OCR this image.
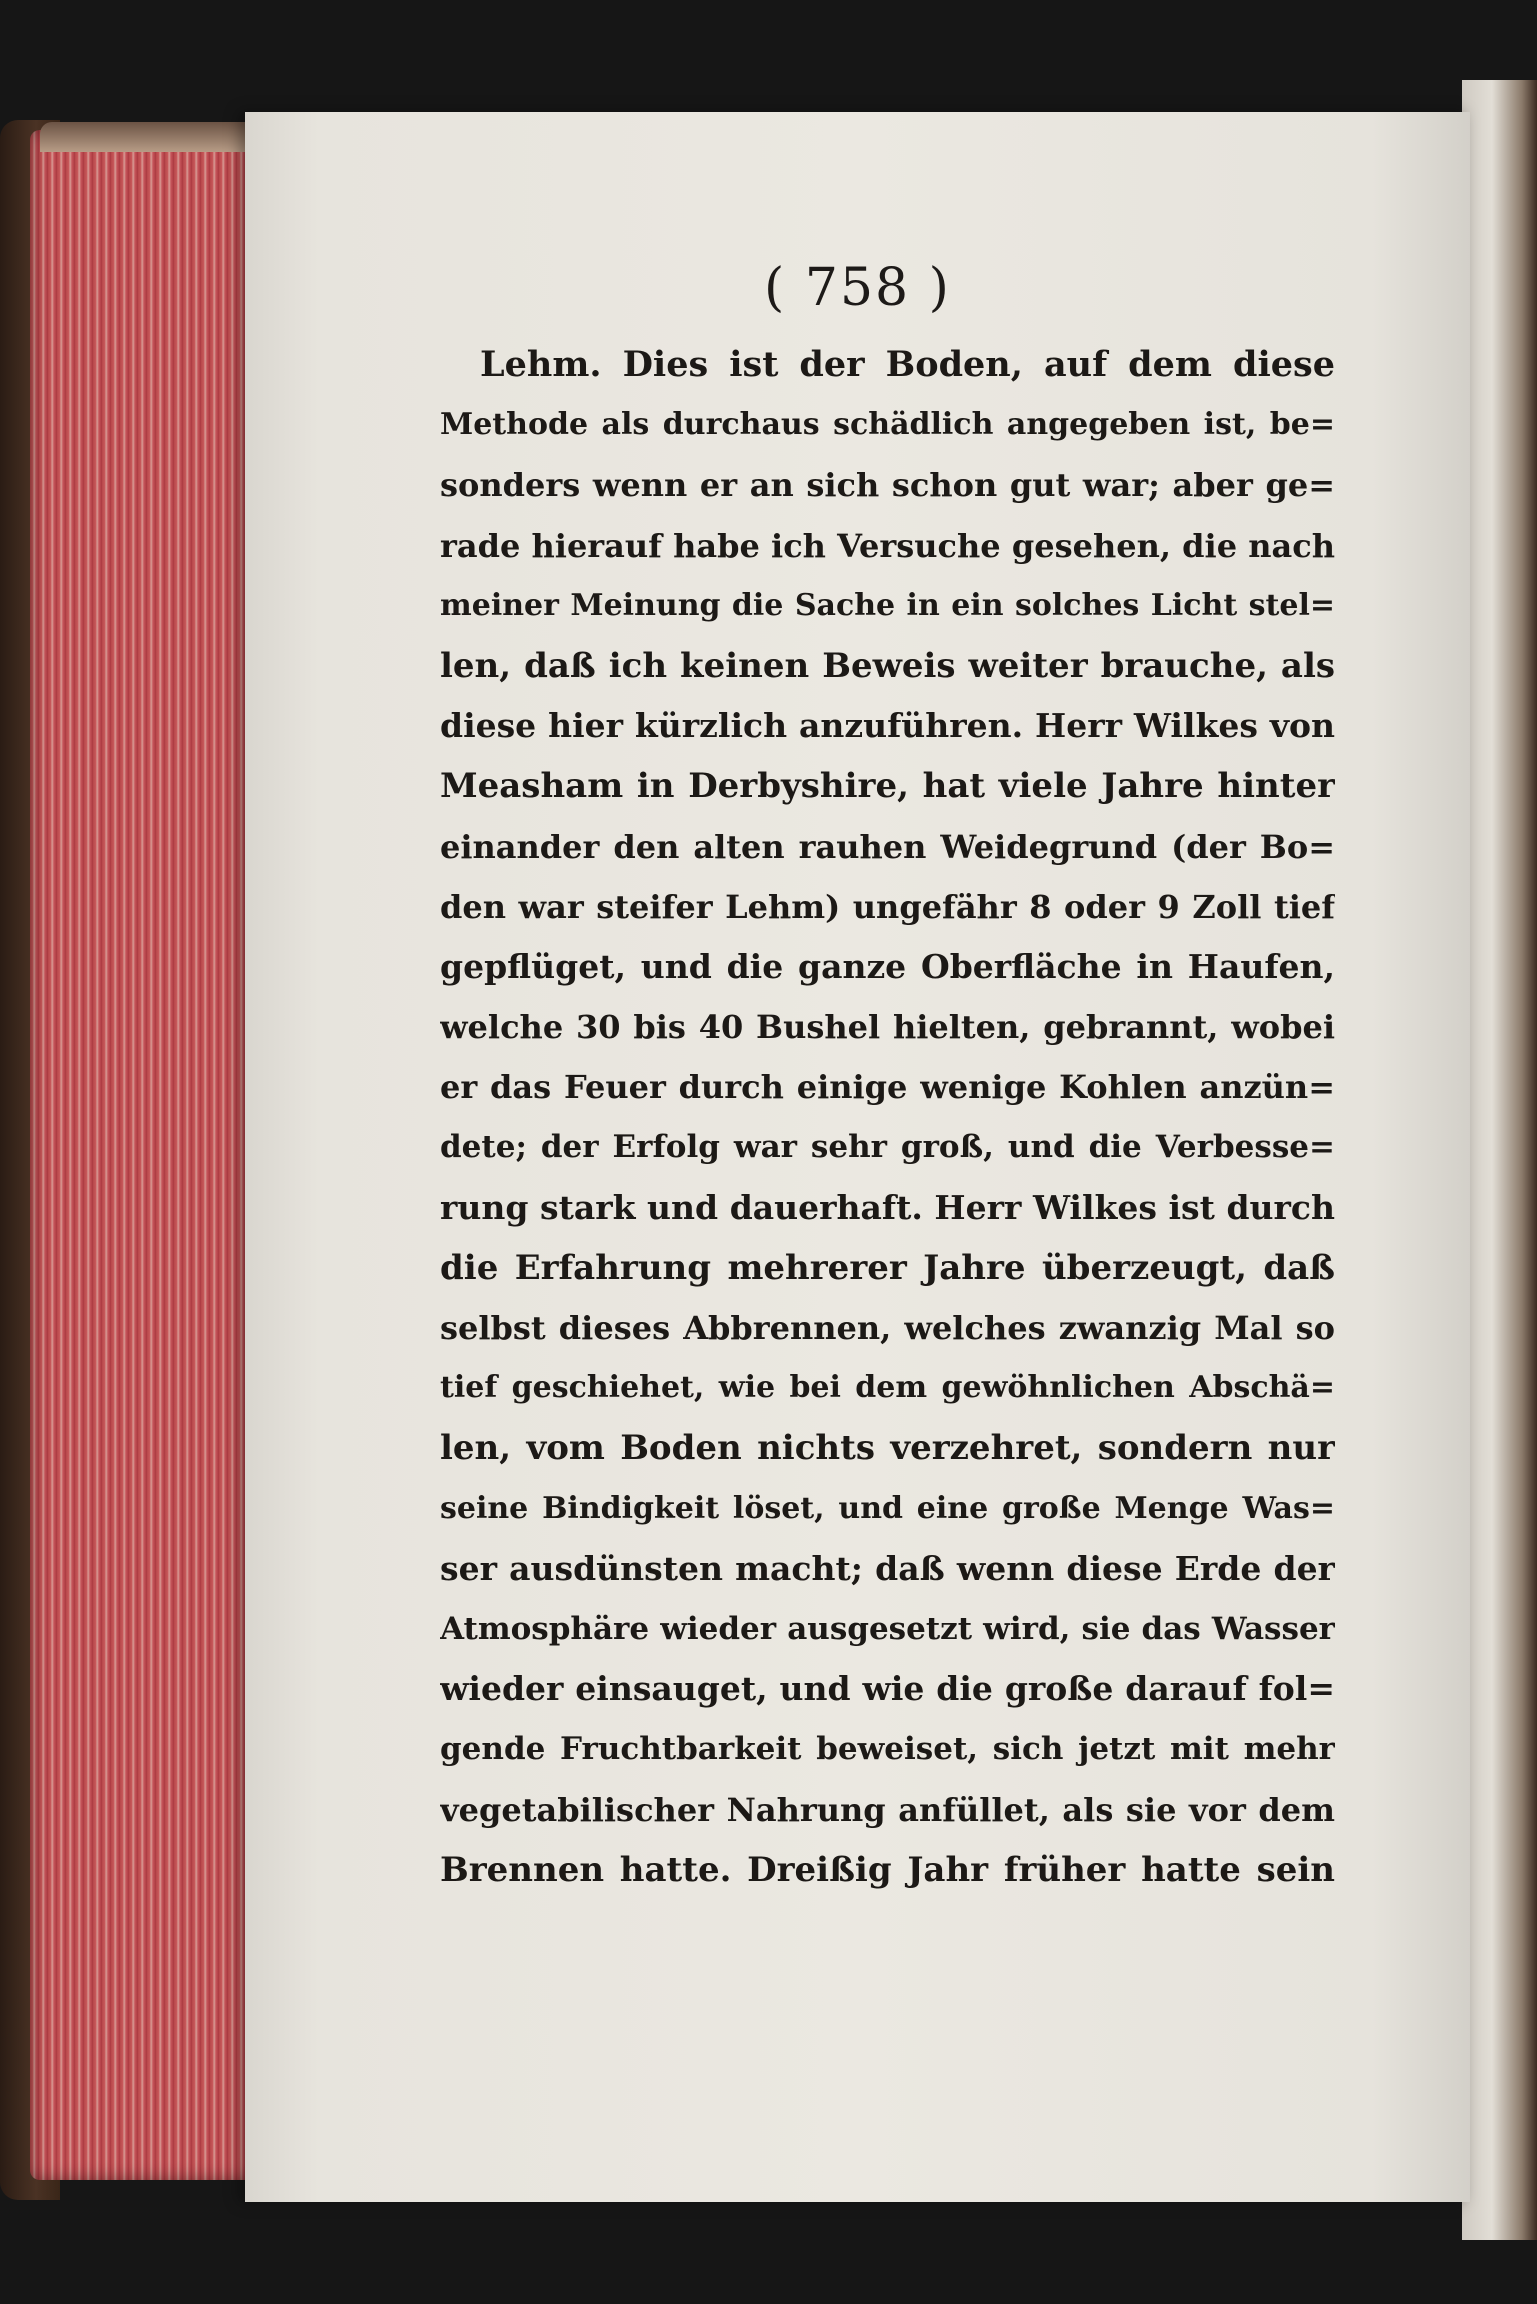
( 758 )
Lehm. Dies ist der Boden, auf dem diese
Methode als durchaus schädlich angegeben ist, be=
sonders wenn er an sich schon gut war; aber ge=
rade hierauf habe ich Versuche gesehen, die nach
meiner Meinung die Sache in ein solches Licht stel=
len, daß ich keinen Beweis weiter brauche, als
diese hier kürzlich anzuführen. Herr Wilkes von
Measham in Derbyshire, hat viele Jahre hinter
einander den alten rauhen Weidegrund (der Bo=
den war steifer Lehm) ungefähr 8 oder 9 Zoll tief
gepflüget, und die ganze Oberfläche in Haufen,
welche 30 bis 40 Bushel hielten, gebrannt, wobei
er das Feuer durch einige wenige Kohlen anzün=
dete; der Erfolg war sehr groß, und die Verbesse=
rung stark und dauerhaft. Herr Wilkes ist durch
die Erfahrung mehrerer Jahre überzeugt, daß
selbst dieses Abbrennen, welches zwanzig Mal so
tief geschiehet, wie bei dem gewöhnlichen Abschä=
len, vom Boden nichts verzehret, sondern nur
seine Bindigkeit löset, und eine große Menge Was=
ser ausdünsten macht; daß wenn diese Erde der
Atmosphäre wieder ausgesetzt wird, sie das Wasser
wieder einsauget, und wie die große darauf fol=
gende Fruchtbarkeit beweiset, sich jetzt mit mehr
vegetabilischer Nahrung anfüllet, als sie vor dem
Brennen hatte. Dreißig Jahr früher hatte sein
